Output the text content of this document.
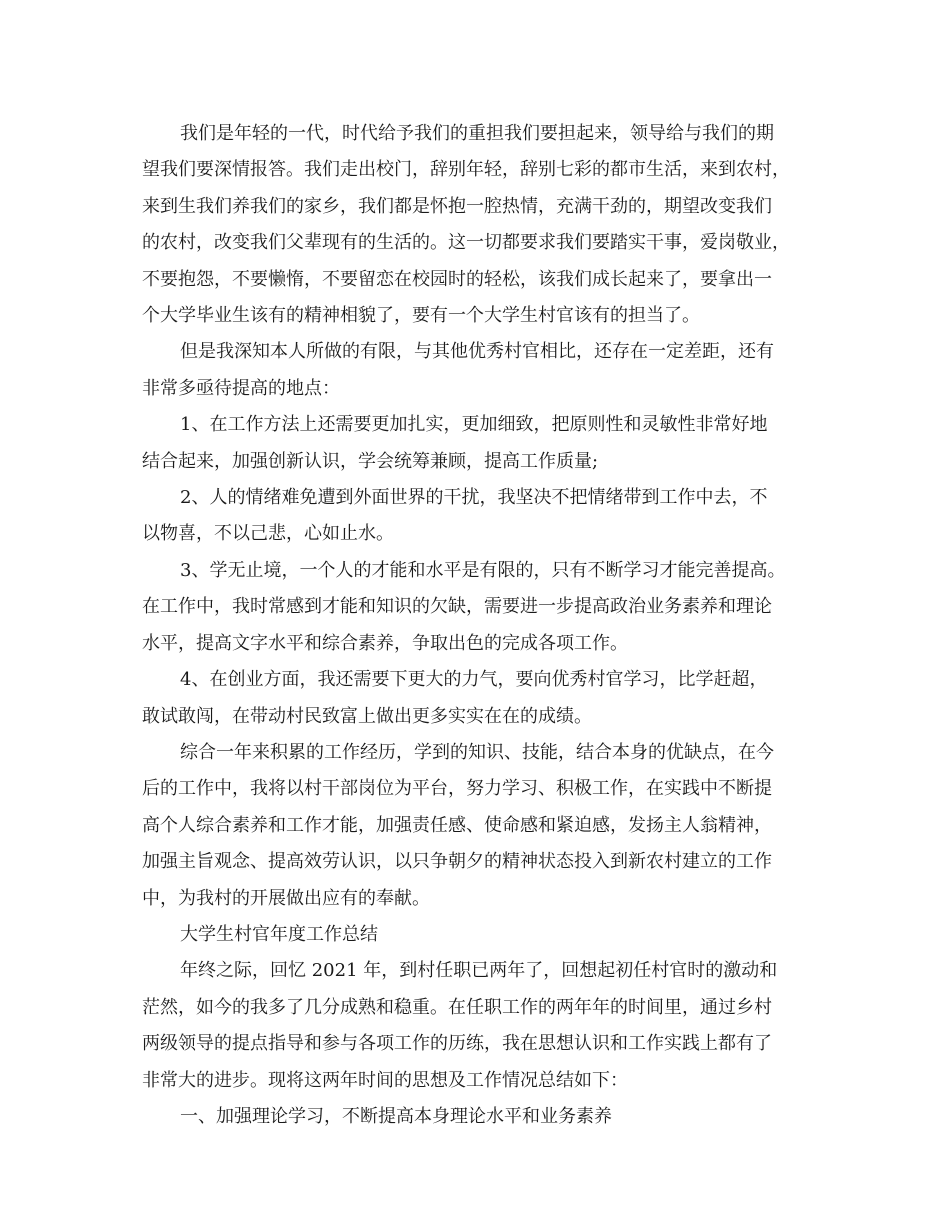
我们是年轻的一代，时代给予我们的重担我们要担起来，领导给与我们的期
望我们要深情报答。我们走出校门，辞别年轻，辞别七彩的都市生活，来到农村，
来到生我们养我们的家乡，我们都是怀抱一腔热情，充满干劲的，期望改变我们
的农村，改变我们父辈现有的生活的。这一切都要求我们要踏实干事，爱岗敬业，
不要抱怨，不要懒惰，不要留恋在校园时的轻松，该我们成长起来了，要拿出一
个大学毕业生该有的精神相貌了，要有一个大学生村官该有的担当了。
但是我深知本人所做的有限，与其他优秀村官相比，还存在一定差距，还有
非常多亟待提高的地点：
1、在工作方法上还需要更加扎实，更加细致，把原则性和灵敏性非常好地
结合起来，加强创新认识，学会统筹兼顾，提高工作质量;
2、人的情绪难免遭到外面世界的干扰，我坚决不把情绪带到工作中去，不
以物喜，不以己悲，心如止水。
3、学无止境，一个人的才能和水平是有限的，只有不断学习才能完善提高。
在工作中，我时常感到才能和知识的欠缺，需要进一步提高政治业务素养和理论
水平，提高文字水平和综合素养，争取出色的完成各项工作。
4、在创业方面，我还需要下更大的力气，要向优秀村官学习，比学赶超，
敢试敢闯，在带动村民致富上做出更多实实在在的成绩。
综合一年来积累的工作经历，学到的知识、技能，结合本身的优缺点，在今
后的工作中，我将以村干部岗位为平台，努力学习、积极工作，在实践中不断提
高个人综合素养和工作才能，加强责任感、使命感和紧迫感，发扬主人翁精神，
加强主旨观念、提高效劳认识，以只争朝夕的精神状态投入到新农村建立的工作
中，为我村的开展做出应有的奉献。
大学生村官年度工作总结
年终之际，回忆 2021 年，到村任职已两年了，回想起初任村官时的激动和
茫然，如今的我多了几分成熟和稳重。在任职工作的两年年的时间里，通过乡村
两级领导的提点指导和参与各项工作的历练，我在思想认识和工作实践上都有了
非常大的进步。现将这两年时间的思想及工作情况总结如下：
一、加强理论学习，不断提高本身理论水平和业务素养
